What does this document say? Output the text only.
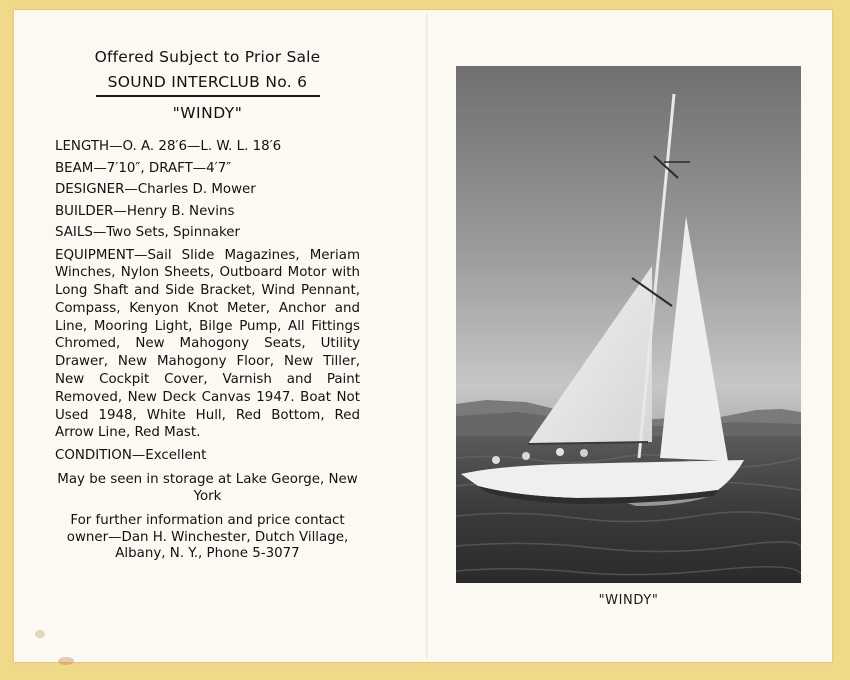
Offered Subject to Prior Sale

SOUND INTERCLUB No. 6

"WINDY"

LENGTH—O. A. 28′6—L. W. L. 18′6

BEAM—7′10″, DRAFT—4′7″

DESIGNER—Charles D. Mower

BUILDER—Henry B. Nevins

SAILS—Two Sets, Spinnaker

EQUIPMENT—Sail Slide Magazines, Meriam Winches, Nylon Sheets, Outboard Motor with Long Shaft and Side Bracket, Wind Pennant, Compass, Kenyon Knot Meter, Anchor and Line, Mooring Light, Bilge Pump, All Fittings Chromed, New Mahogony Seats, Utility Drawer, New Mahogony Floor, New Tiller, New Cockpit Cover, Varnish and Paint Removed, New Deck Canvas 1947. Boat Not Used 1948, White Hull, Red Bottom, Red Arrow Line, Red Mast.

CONDITION—Excellent

May be seen in storage at Lake George, New York

For further information and price contact
owner—Dan H. Winchester, Dutch Village,
Albany, N. Y., Phone 5-3077
"WINDY"
